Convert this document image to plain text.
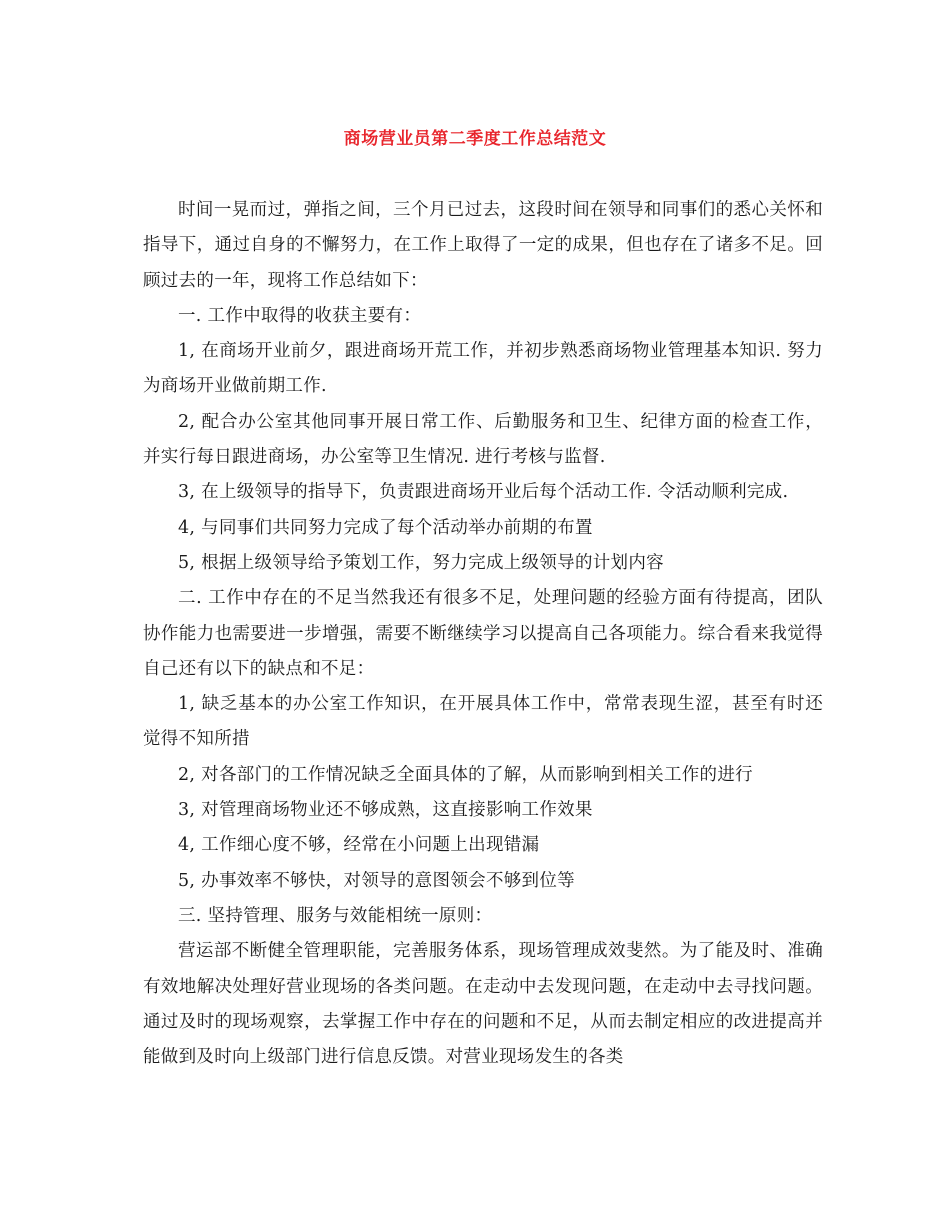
商场营业员第二季度工作总结范文

时间一晃而过，弹指之间，三个月已过去，这段时间在领导和同事们的悉心关怀和指导下，通过自身的不懈努力，在工作上取得了一定的成果，但也存在了诸多不足。回顾过去的一年，现将工作总结如下：

一. 工作中取得的收获主要有：

1, 在商场开业前夕，跟进商场开荒工作，并初步熟悉商场物业管理基本知识. 努力为商场开业做前期工作.

2, 配合办公室其他同事开展日常工作、后勤服务和卫生、纪律方面的检查工作，并实行每日跟进商场，办公室等卫生情况. 进行考核与监督.

3, 在上级领导的指导下，负责跟进商场开业后每个活动工作. 令活动顺利完成.

4, 与同事们共同努力完成了每个活动举办前期的布置

5, 根据上级领导给予策划工作，努力完成上级领导的计划内容

二. 工作中存在的不足当然我还有很多不足，处理问题的经验方面有待提高，团队协作能力也需要进一步增强，需要不断继续学习以提高自己各项能力。综合看来我觉得自己还有以下的缺点和不足：

1, 缺乏基本的办公室工作知识，在开展具体工作中，常常表现生涩，甚至有时还觉得不知所措

2, 对各部门的工作情况缺乏全面具体的了解，从而影响到相关工作的进行

3, 对管理商场物业还不够成熟，这直接影响工作效果

4, 工作细心度不够，经常在小问题上出现错漏

5, 办事效率不够快，对领导的意图领会不够到位等

三. 坚持管理、服务与效能相统一原则：

营运部不断健全管理职能，完善服务体系，现场管理成效斐然。为了能及时、准确有效地解决处理好营业现场的各类问题。在走动中去发现问题，在走动中去寻找问题。通过及时的现场观察，去掌握工作中存在的问题和不足，从而去制定相应的改进提高并能做到及时向上级部门进行信息反馈。对营业现场发生的各类
